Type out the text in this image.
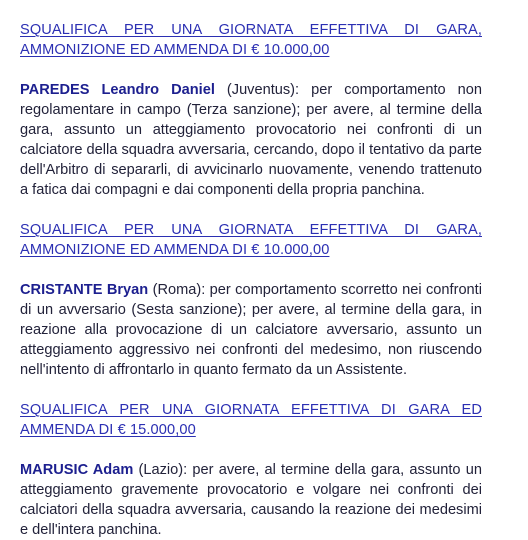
SQUALIFICA PER UNA GIORNATA EFFETTIVA DI GARA, AMMONIZIONE ED AMMENDA DI € 10.000,00

PAREDES Leandro Daniel (Juventus): per comportamento non regolamentare in campo (Terza sanzione); per avere, al termine della gara, assunto un atteggiamento provocatorio nei confronti di un calciatore della squadra avversaria, cercando, dopo il tentativo da parte dell'Arbitro di separarli, di avvicinarlo nuovamente, venendo trattenuto a fatica dai compagni e dai componenti della propria panchina.

SQUALIFICA PER UNA GIORNATA EFFETTIVA DI GARA, AMMONIZIONE ED AMMENDA DI € 10.000,00

CRISTANTE Bryan (Roma): per comportamento scorretto nei confronti di un avversario (Sesta sanzione); per avere, al termine della gara, in reazione alla provocazione di un calciatore avversario, assunto un atteggiamento aggressivo nei confronti del medesimo, non riuscendo nell'intento di affrontarlo in quanto fermato da un Assistente.

SQUALIFICA PER UNA GIORNATA EFFETTIVA DI GARA ED AMMENDA DI € 15.000,00

MARUSIC Adam (Lazio): per avere, al termine della gara, assunto un atteggiamento gravemente provocatorio e volgare nei confronti dei calciatori della squadra avversaria, causando la reazione dei medesimi e dell'intera panchina.
